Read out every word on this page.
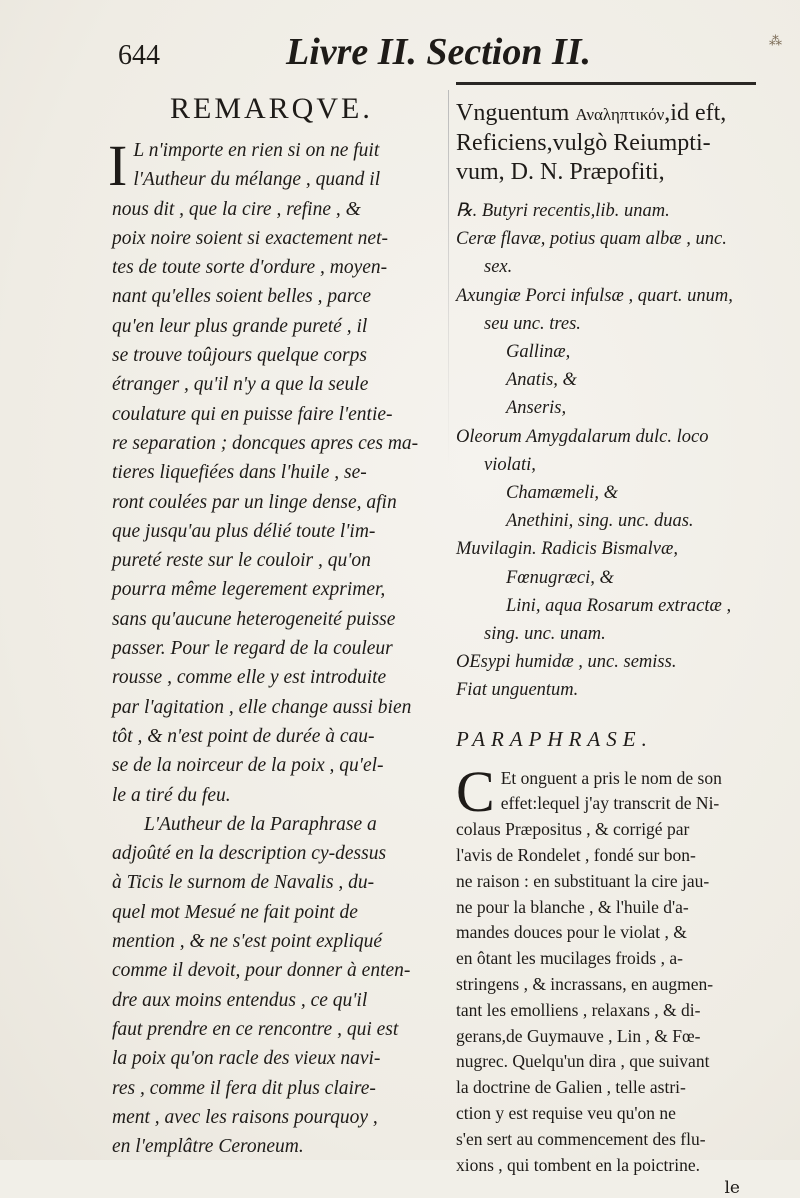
644	Livre II. Section II.	⁂
REMARQVE.

I L n'importe en rien si on ne fuit
l'Autheur du mélange , quand il
nous dit , que la cire , refine , &
poix noire soient si exactement net-
tes de toute sorte d'ordure , moyen-
nant qu'elles soient belles , parce
qu'en leur plus grande pureté , il
se trouve toûjours quelque corps
étranger , qu'il n'y a que la seule
coulature qui en puisse faire l'entie-
re separation ; doncques apres ces ma-
tieres liquefiées dans l'huile , se-
ront coulées par un linge dense, afin
que jusqu'au plus délié toute l'im-
pureté reste sur le couloir , qu'on
pourra même legerement exprimer,
sans qu'aucune heterogeneité puisse
passer. Pour le regard de la couleur
rousse , comme elle y est introduite
par l'agitation , elle change aussi bien
tôt , & n'est point de durée à cau-
se de la noirceur de la poix , qu'el-
le a tiré du feu.

L'Autheur de la Paraphrase a
adjoûté en la description cy-dessus
à Ticis le surnom de Navalis , du-
quel mot Mesué ne fait point de
mention , & ne s'est point expliqué
comme il devoit, pour donner à enten-
dre aux moins entendus , ce qu'il
faut prendre en ce rencontre , qui est
la poix qu'on racle des vieux navi-
res , comme il fera dit plus claire-
ment , avec les raisons pourquoy ,
en l'emplâtre Ceroneum.

Vnguentum Αναληπτικόν,id eft,
Reficiens,vulgò Reiumpti-
vum, D. N. Præpofiti,
℞. Butyri recentis,lib. unam.
Ceræ flavæ, potius quam albæ , unc.
sex.
Axungiæ Porci infulsæ , quart. unum,
seu unc. tres.
Gallinæ,
Anatis, &
Anseris,
Oleorum Amygdalarum dulc. loco
violati,
Chamæmeli, &
Anethini, sing. unc. duas.
Muvilagin. Radicis Bismalvæ,
Fœnugræci, &
Lini, aqua Rosarum extractæ ,
sing. unc. unam.
OEsypi humidæ , unc. semiss.
Fiat unguentum.
PARAPHRASE.
C Et onguent a pris le nom de son
effet:lequel j'ay transcrit de Ni-
colaus Præpositus , & corrigé par
l'avis de Rondelet , fondé sur bon-
ne raison : en substituant la cire jau-
ne pour la blanche , & l'huile d'a-
mandes douces pour le violat , &
en ôtant les mucilages froids , a-
stringens , & incrassans, en augmen-
tant les emolliens , relaxans , & di-
gerans,de Guymauve , Lin , & Fœ-
nugrec. Quelqu'un dira , que suivant
la doctrine de Galien , telle astri-
ction y est requise veu qu'on ne
s'en sert au commencement des flu-
xions , qui tombent en la poictrine.
le
